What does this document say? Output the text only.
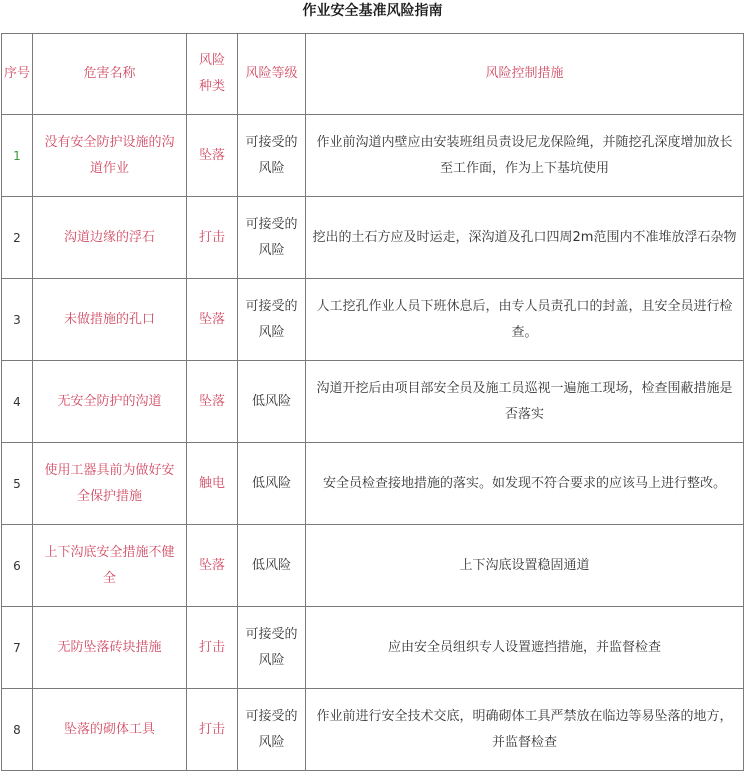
作业安全基准风险指南
序号	危害名称	风险种类	风险等级	风险控制措施
1	没有安全防护设施的沟道作业	坠落	可接受的风险	作业前沟道内壁应由安装班组员责设尼龙保险绳，并随挖孔深度增加放长至工作面，作为上下基坑使用
2	沟道边缘的浮石	打击	可接受的风险	挖出的土石方应及时运走，深沟道及孔口四周2m范围内不准堆放浮石杂物
3	未做措施的孔口	坠落	可接受的风险	人工挖孔作业人员下班休息后，由专人员责孔口的封盖，且安全员进行检查。
4	无安全防护的沟道	坠落	低风险	沟道开挖后由项目部安全员及施工员巡视一遍施工现场，检查围蔽措施是否落实
5	使用工器具前为做好安全保护措施	触电	低风险	安全员检查接地措施的落实。如发现不符合要求的应该马上进行整改。
6	上下沟底安全措施不健全	坠落	低风险	上下沟底设置稳固通道
7	无防坠落砖块措施	打击	可接受的风险	应由安全员组织专人设置遮挡措施，并监督检查
8	坠落的砌体工具	打击	可接受的风险	作业前进行安全技术交底，明确砌体工具严禁放在临边等易坠落的地方，并监督检查
